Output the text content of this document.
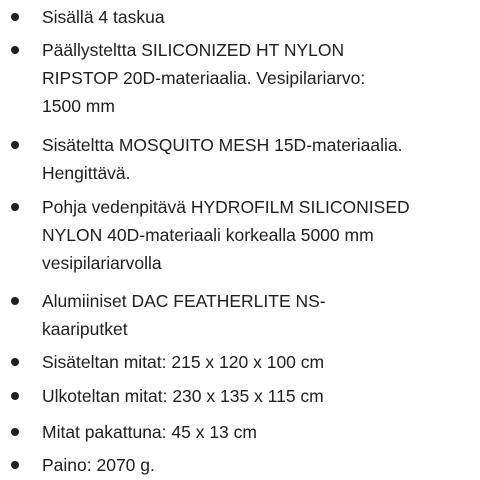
Sisällä 4 taskua
Päällysteltta SILICONIZED HT NYLON
RIPSTOP 20D-materiaalia. Vesipilariarvo:
1500 mm
Sisäteltta MOSQUITO MESH 15D-materiaalia.
Hengittävä.
Pohja vedenpitävä HYDROFILM SILICONISED
NYLON 40D-materiaali korkealla 5000 mm
vesipilariarvolla
Alumiiniset DAC FEATHERLITE NS-
kaariputket
Sisäteltan mitat: 215 x 120 x 100 cm
Ulkoteltan mitat: 230 x 135 x 115 cm
Mitat pakattuna: 45 x 13 cm
Paino: 2070 g.
